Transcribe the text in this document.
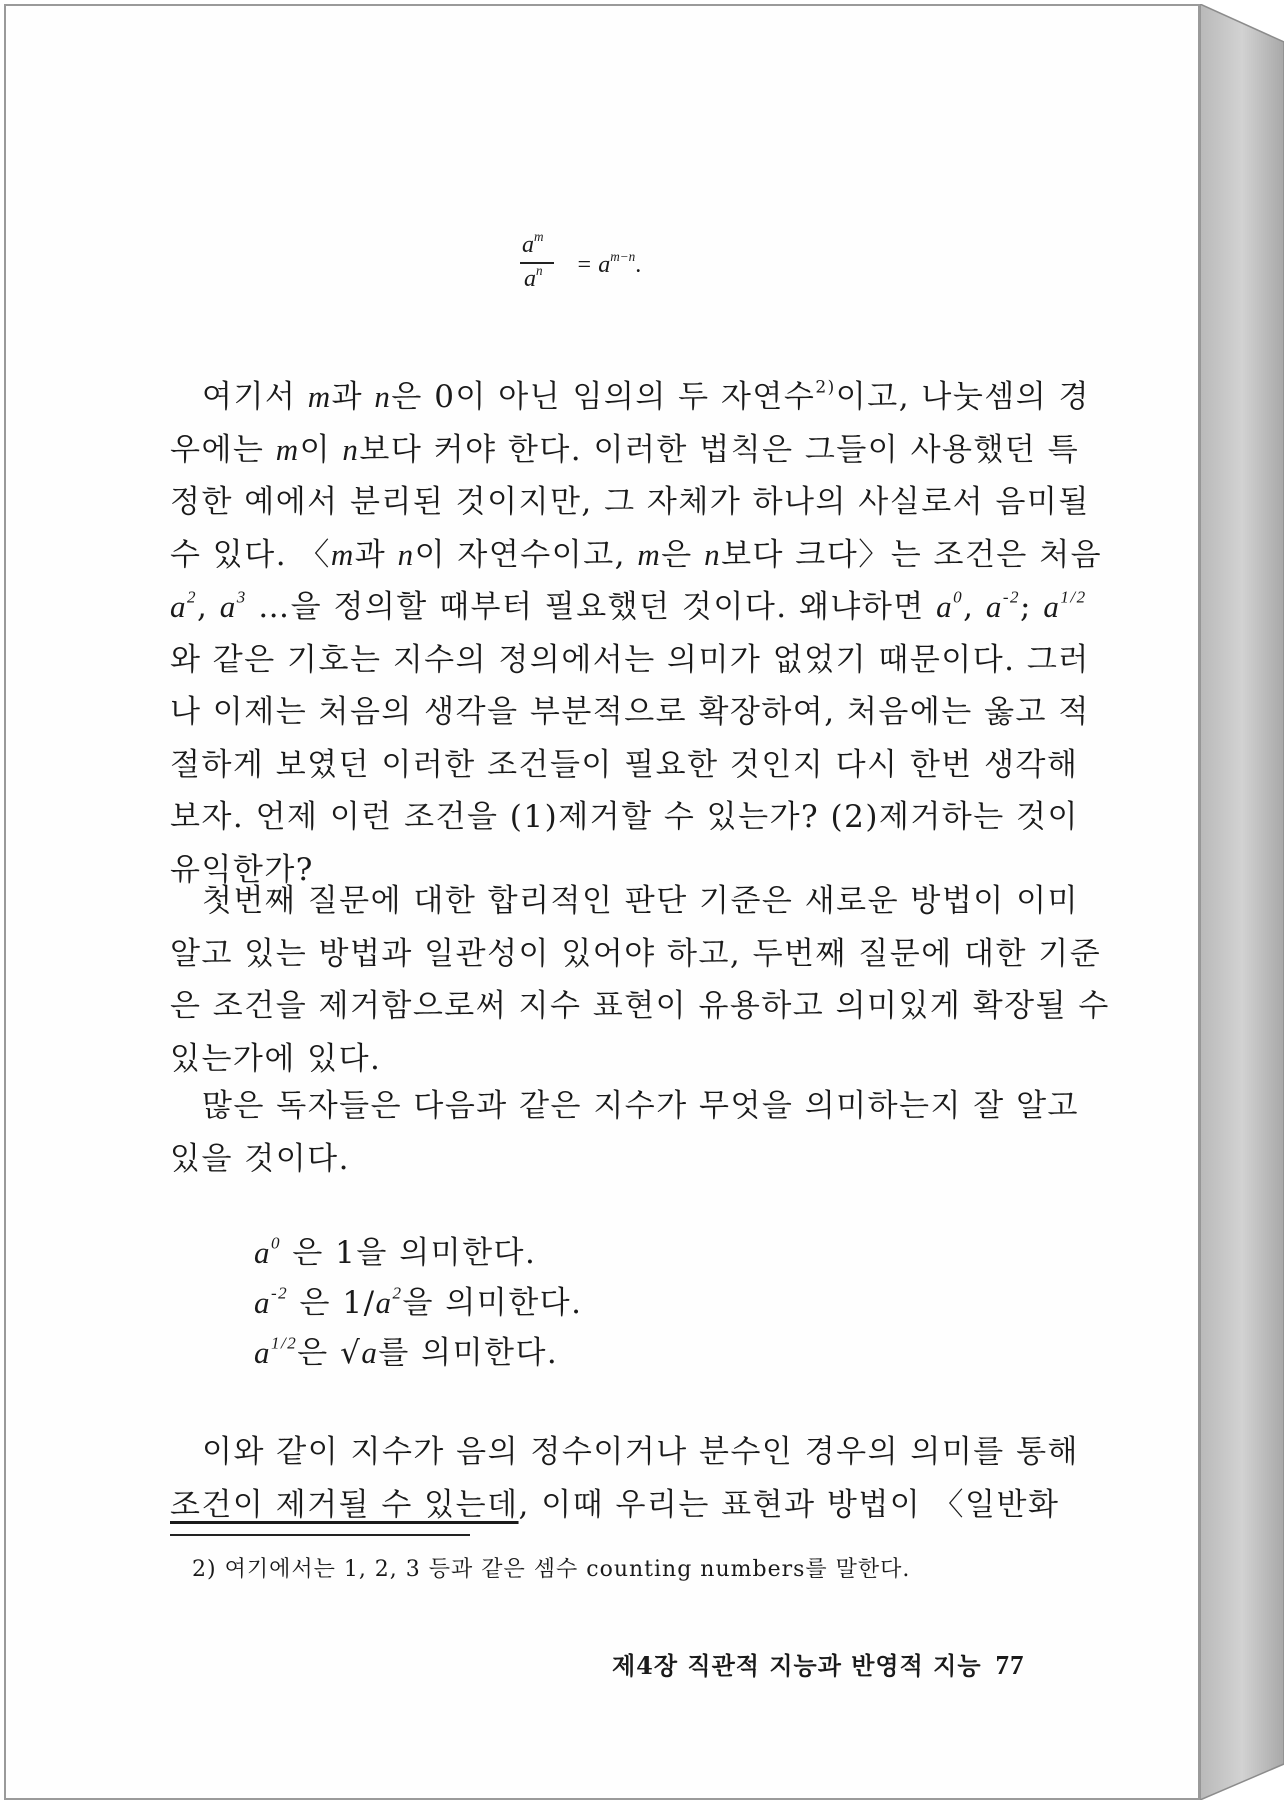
$a^m$
$a^n = a^{m-n}$.
여기서 m과 n은 0이 아닌 임의의 두 자연수$^{2)}$이고, 나눗셈의 경
우에는 m이 n보다 커야 한다. 이러한 법칙은 그들이 사용했던 특
정한 예에서 분리된 것이지만, 그 자체가 하나의 사실로서 음미될
수 있다. 〈m과 n이 자연수이고, m은 n보다 크다〉는 조건은 처음
$a^2$, $a^3$ …을 정의할 때부터 필요했던 것이다. 왜냐하면 $a^0$, $a^{-2}$; $a^{1/2}$
와 같은 기호는 지수의 정의에서는 의미가 없었기 때문이다. 그러
나 이제는 처음의 생각을 부분적으로 확장하여, 처음에는 옳고 적
절하게 보였던 이러한 조건들이 필요한 것인지 다시 한번 생각해
보자. 언제 이런 조건을 (1)제거할 수 있는가? (2)제거하는 것이
유익한가?
첫번째 질문에 대한 합리적인 판단 기준은 새로운 방법이 이미
알고 있는 방법과 일관성이 있어야 하고, 두번째 질문에 대한 기준
은 조건을 제거함으로써 지수 표현이 유용하고 의미있게 확장될 수
있는가에 있다.
많은 독자들은 다음과 같은 지수가 무엇을 의미하는지 잘 알고
있을 것이다.
$a^0$ 은 1을 의미한다.
$a^{-2}$ 은 $1/a^2$을 의미한다.
$a^{1/2}$은 √a를 의미한다.
이와 같이 지수가 음의 정수이거나 분수인 경우의 의미를 통해
조건이 제거될 수 있는데, 이때 우리는 표현과 방법이 〈일반화
2) 여기에서는 1, 2, 3 등과 같은 셈수 counting numbers를 말한다.
제4장 직관적 지능과 반영적 지능 77
